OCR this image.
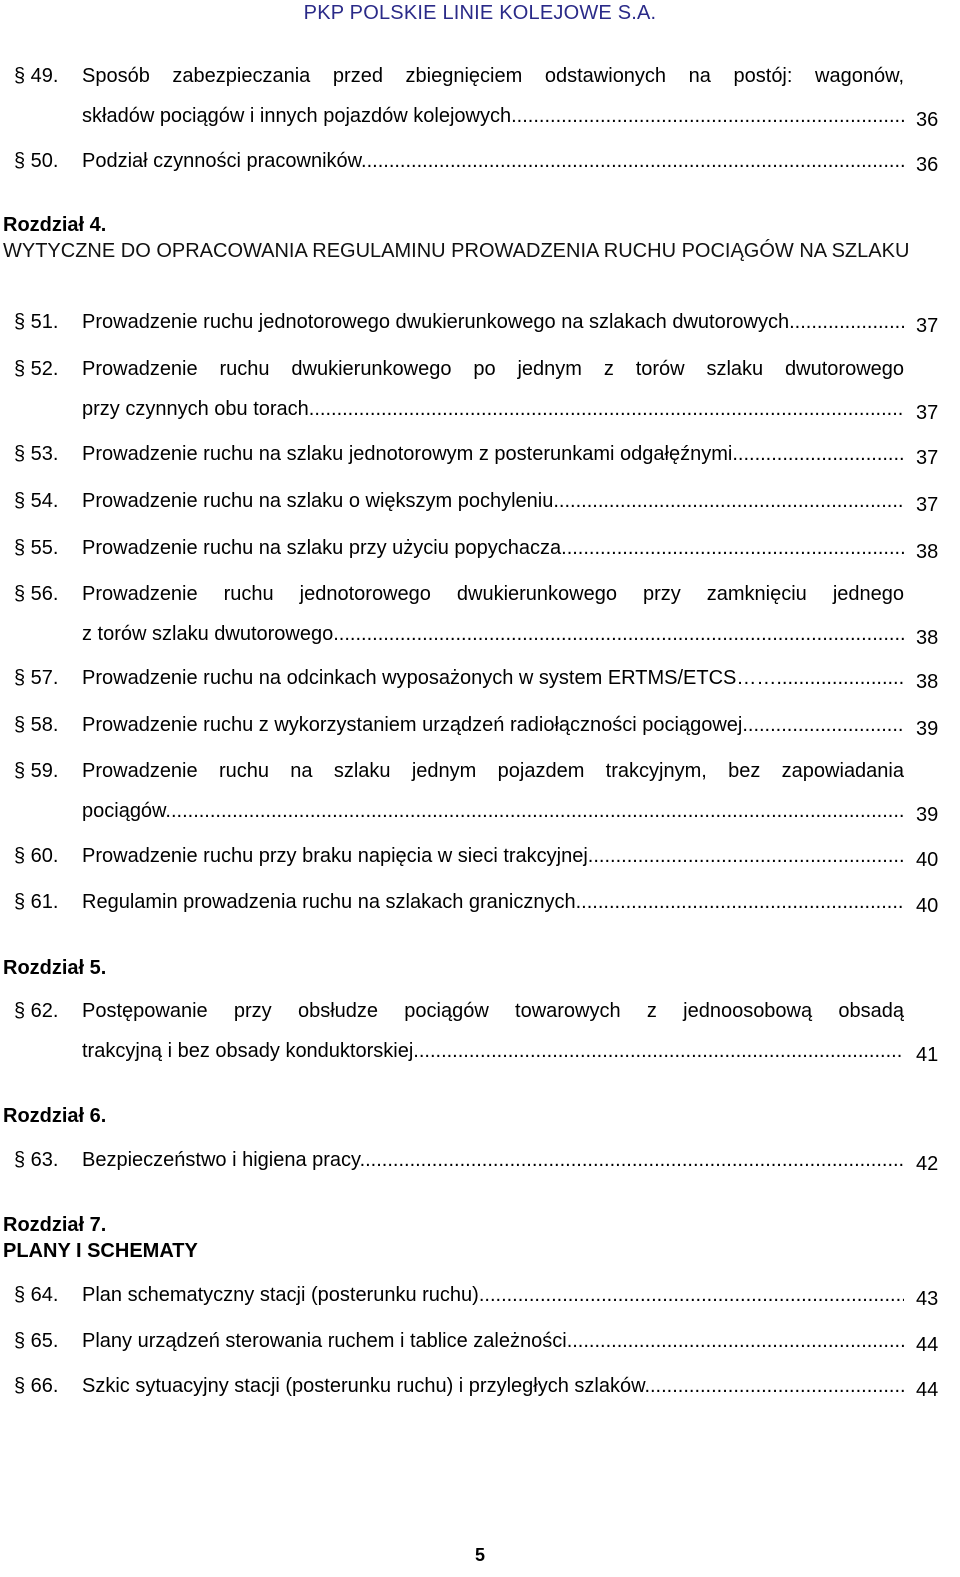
PKP POLSKIE LINIE KOLEJOWE S.A.
Rozdział 4.
WYTYCZNE DO OPRACOWANIA REGULAMINU PROWADZENIA RUCHU POCIĄGÓW NA SZLAKU
Rozdział 5.
Rozdział 6.
Rozdział 7.
PLANY I SCHEMATY
§ 49.	Sposób zabezpieczania przed zbiegnięciem odstawionych na postój: wagonów,
składów pociągów i innych pojazdów kolejowych .....	36
§ 50.	Podział czynności pracowników .....	36
§ 51.	Prowadzenie ruchu jednotorowego dwukierunkowego na szlakach dwutorowych .....	37
§ 52.	Prowadzenie ruchu dwukierunkowego po jednym z torów szlaku dwutorowego
przy czynnych obu torach .....	37
§ 53.	Prowadzenie ruchu na szlaku jednotorowym z posterunkami odgałęźnymi .....	37
§ 54.	Prowadzenie ruchu na szlaku o większym pochyleniu .....	37
§ 55.	Prowadzenie ruchu na szlaku przy użyciu popychacza .....	38
§ 56.	Prowadzenie ruchu jednotorowego dwukierunkowego przy zamknięciu jednego
z torów szlaku dwutorowego .....	38
§ 57.	Prowadzenie ruchu na odcinkach wyposażonych w system ERTMS/ETCS……. .....	38
§ 58.	Prowadzenie ruchu z wykorzystaniem urządzeń radiołączności pociągowej .....	39
§ 59.	Prowadzenie ruchu na szlaku jednym pojazdem trakcyjnym, bez zapowiadania
pociągów .....	39
§ 60.	Prowadzenie ruchu przy braku napięcia w sieci trakcyjnej .....	40
§ 61.	Regulamin prowadzenia ruchu na szlakach granicznych .....	40
§ 62.	Postępowanie przy obsłudze pociągów towarowych z jednoosobową obsadą
trakcyjną i bez obsady konduktorskiej .....	41
§ 63.	Bezpieczeństwo i higiena pracy .....	42
§ 64.	Plan schematyczny stacji (posterunku ruchu) .....	43
§ 65.	Plany urządzeń sterowania ruchem i tablice zależności .....	44
§ 66.	Szkic sytuacyjny stacji (posterunku ruchu) i przyległych szlaków .....	44
5
